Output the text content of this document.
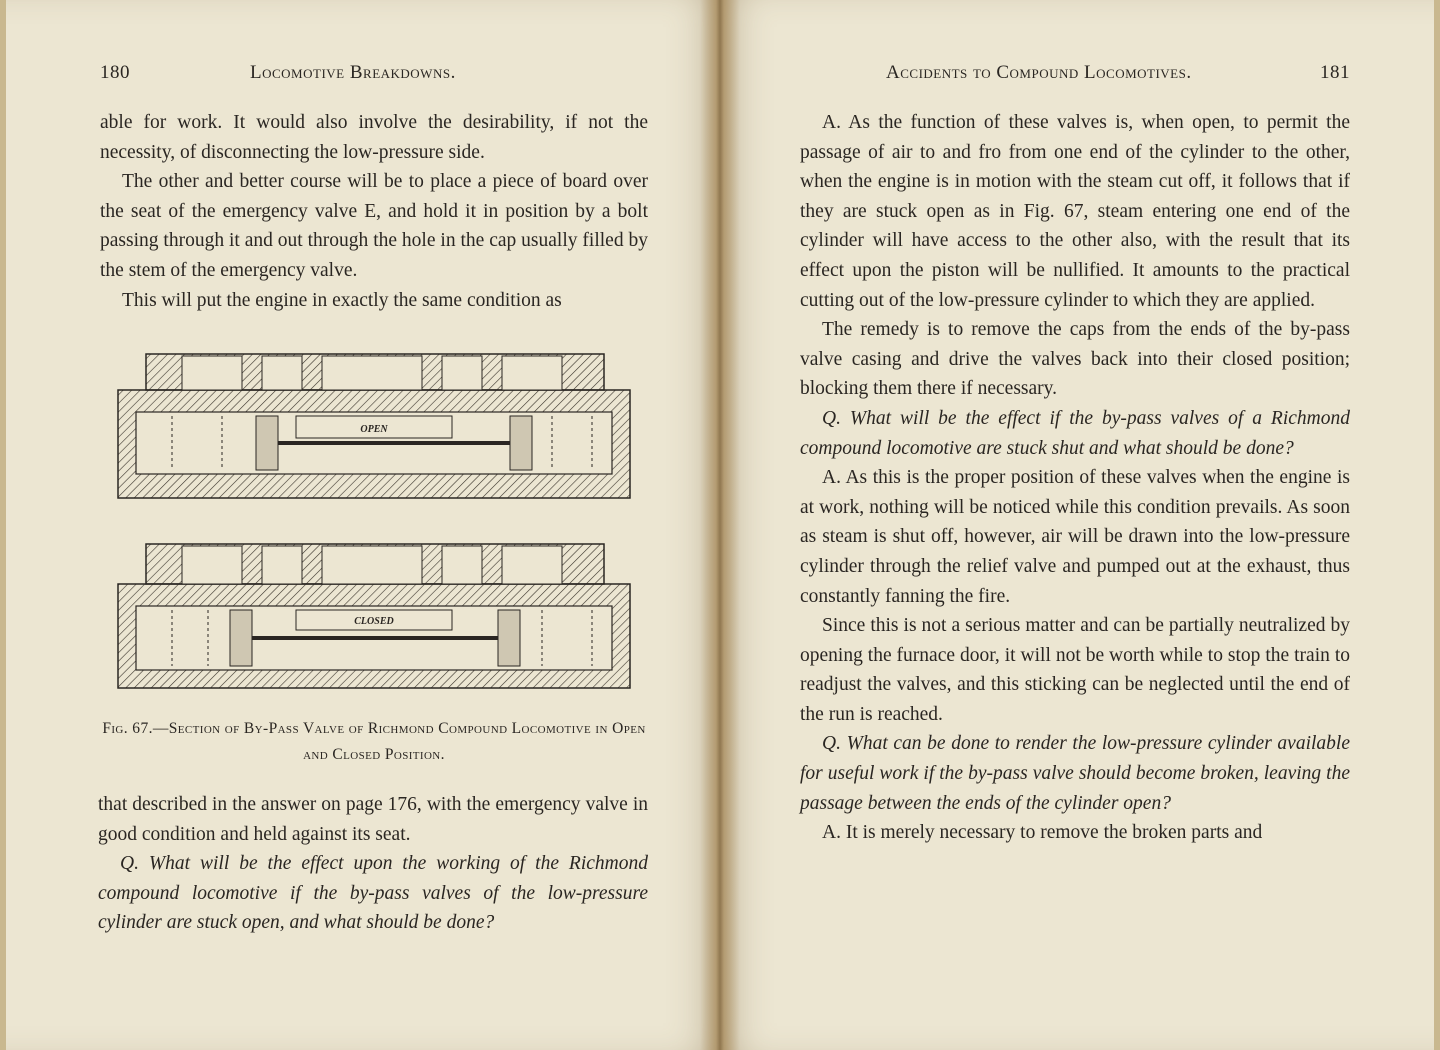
180	Locomotive Breakdowns.

able for work. It would also involve the desirability, if not the necessity, of disconnecting the low-pressure side.

The other and better course will be to place a piece of board over the seat of the emergency valve E, and hold it in position by a bolt passing through it and out through the hole in the cap usually filled by the stem of the emergency valve.

This will put the engine in exactly the same condition as

OPEN
CLOSED
Fig. 67.—Section of By-Pass Valve of Richmond Compound Locomotive in Open and Closed Position.

that described in the answer on page 176, with the emergency valve in good condition and held against its seat.

Q. What will be the effect upon the working of the Richmond compound locomotive if the by-pass valves of the low-pressure cylinder are stuck open, and what should be done?

Accidents to Compound Locomotives.	181

A. As the function of these valves is, when open, to permit the passage of air to and fro from one end of the cylinder to the other, when the engine is in motion with the steam cut off, it follows that if they are stuck open as in Fig. 67, steam entering one end of the cylinder will have access to the other also, with the result that its effect upon the piston will be nullified. It amounts to the practical cutting out of the low-pressure cylinder to which they are applied.

The remedy is to remove the caps from the ends of the by-pass valve casing and drive the valves back into their closed position; blocking them there if necessary.

Q. What will be the effect if the by-pass valves of a Richmond compound locomotive are stuck shut and what should be done?

A. As this is the proper position of these valves when the engine is at work, nothing will be noticed while this condition prevails. As soon as steam is shut off, however, air will be drawn into the low-pressure cylinder through the relief valve and pumped out at the exhaust, thus constantly fanning the fire.

Since this is not a serious matter and can be partially neutralized by opening the furnace door, it will not be worth while to stop the train to readjust the valves, and this sticking can be neglected until the end of the run is reached.

Q. What can be done to render the low-pressure cylinder available for useful work if the by-pass valve should become broken, leaving the passage between the ends of the cylinder open?

A. It is merely necessary to remove the broken parts and
